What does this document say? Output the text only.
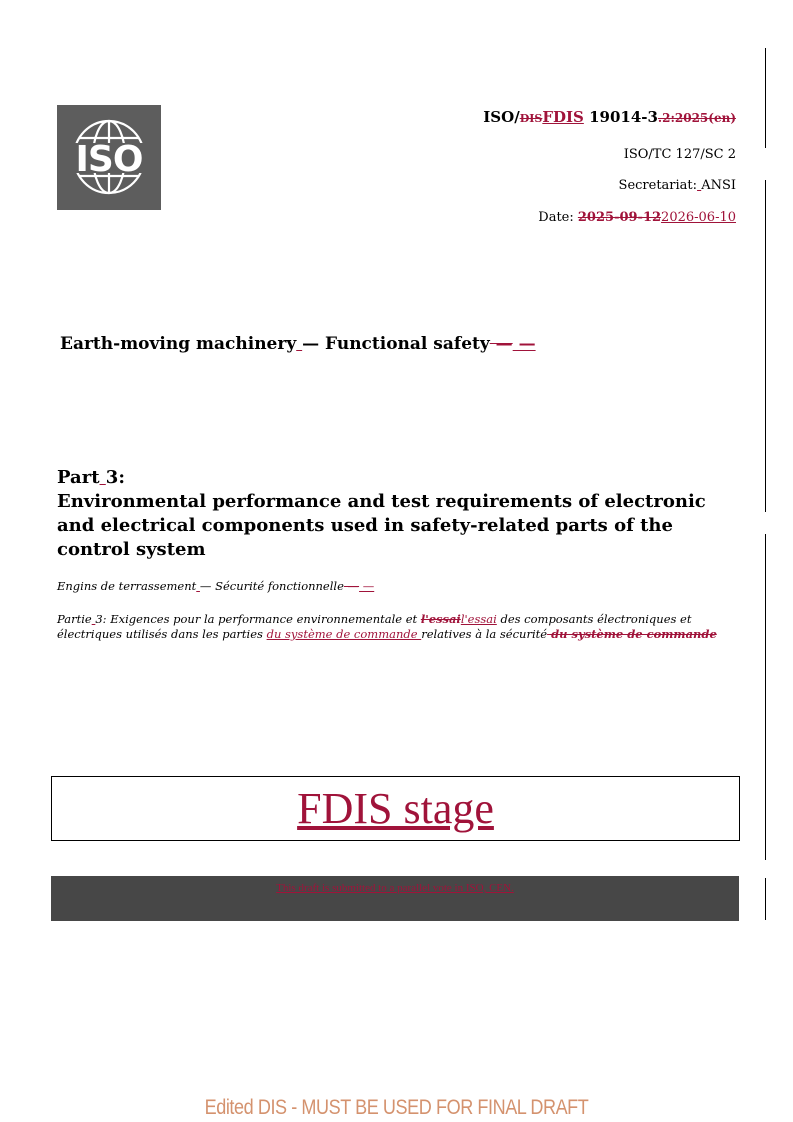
ISO
ISO/DISFDIS 19014-3.2:2025(en)
ISO/TC 127/SC 2
Secretariat: ANSI
Date: 2025-09-122026-06-10
Earth-moving machinery — Functional safety — —
Part 3:
Environmental performance and test requirements of electronic and electrical components used in safety-related parts of the control system
Engins de terrassement — Sécurité fonctionnelle — —
Partie 3: Exigences pour la performance environnementale et l'essail'essai des composants électroniques et électriques utilisés dans les parties du système de commande relatives à la sécurité du système de commande
FDIS stage
This draft is submitted to a parallel vote in ISO, CEN.
Edited DIS - MUST BE USED FOR FINAL DRAFT
